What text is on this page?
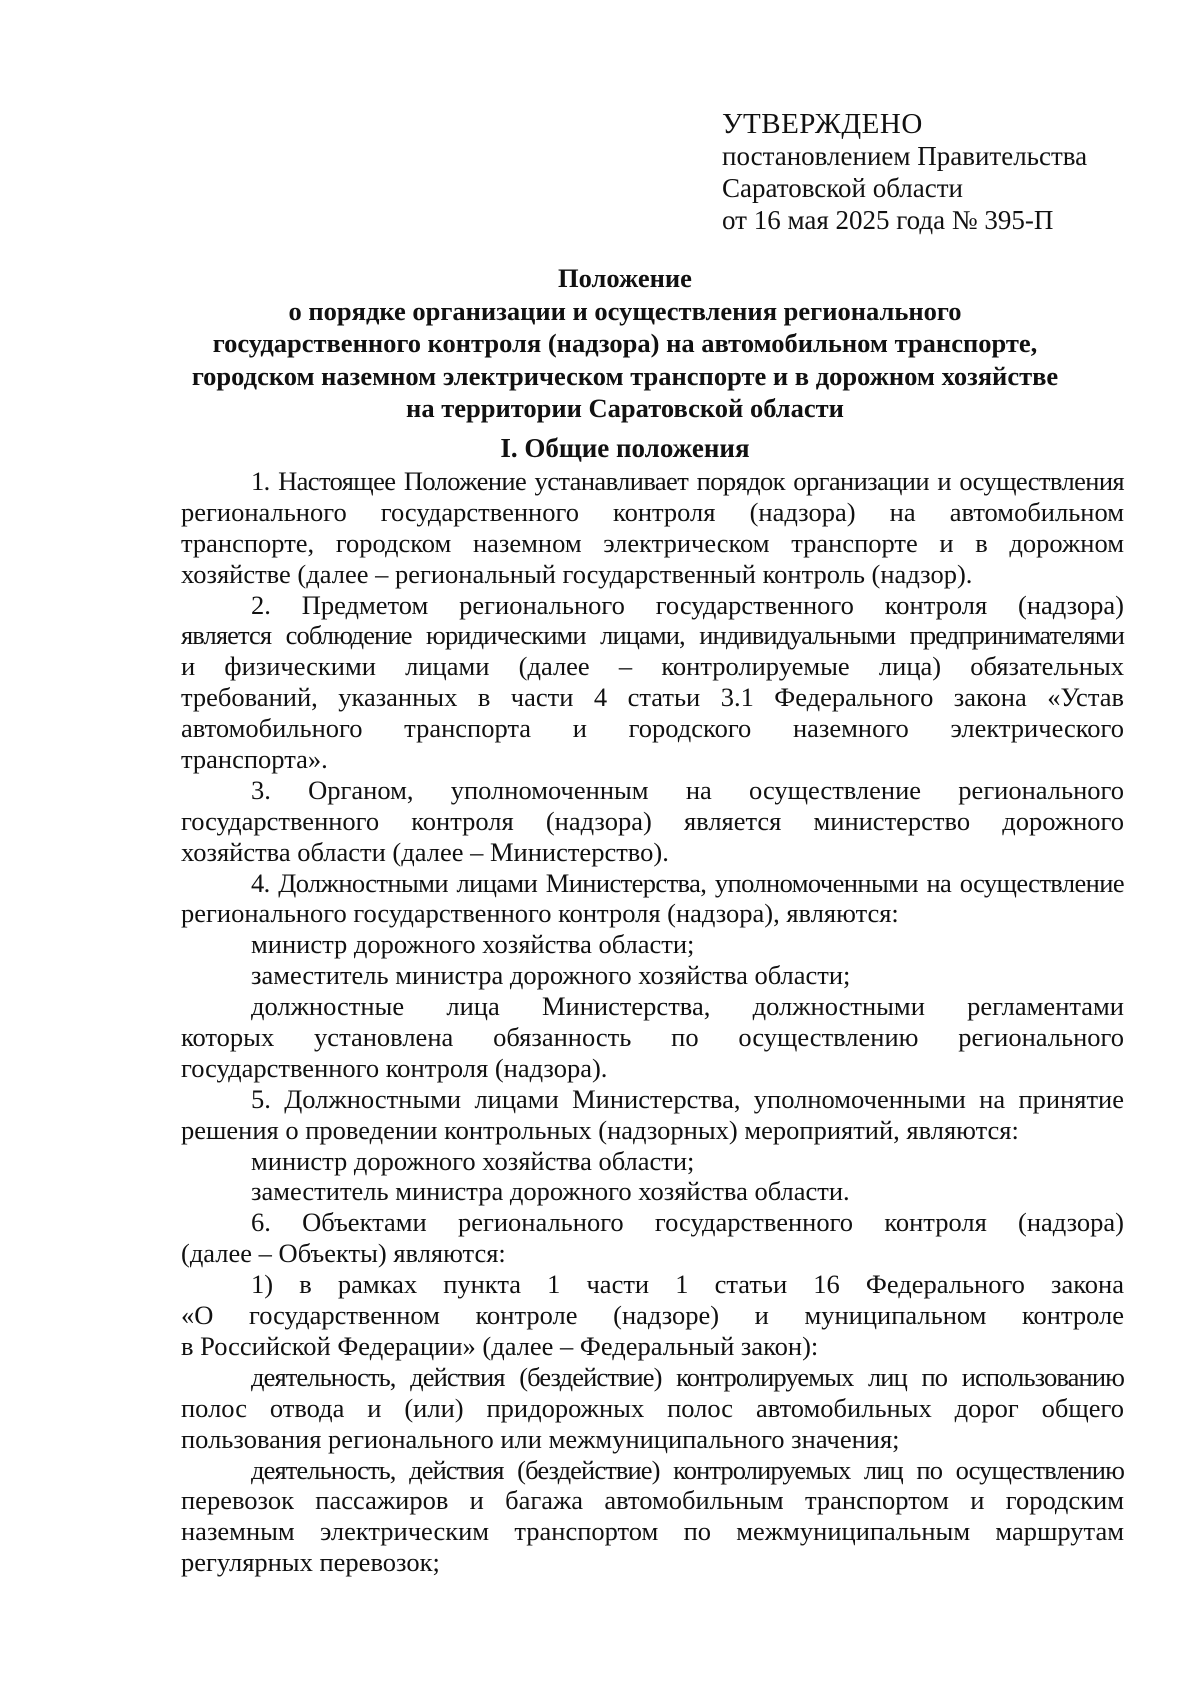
УТВЕРЖДЕНО
постановлением Правительства
Саратовской области
от 16 мая 2025 года № 395-П
Положение
о порядке организации и осуществления регионального
государственного контроля (надзора) на автомобильном транспорте,
городском наземном электрическом транспорте и в дорожном хозяйстве
на территории Саратовской области
I. Общие положения
1. Настоящее Положение устанавливает порядок организации и осуществления
регионального государственного контроля (надзора) на автомобильном
транспорте, городском наземном электрическом транспорте и в дорожном
хозяйстве (далее – региональный государственный контроль (надзор).
2. Предметом регионального государственного контроля (надзора)
является соблюдение юридическими лицами, индивидуальными предпринимателями
и физическими лицами (далее – контролируемые лица) обязательных
требований, указанных в части 4 статьи 3.1 Федерального закона «Устав
автомобильного транспорта и городского наземного электрического
транспорта».
3. Органом, уполномоченным на осуществление регионального
государственного контроля (надзора) является министерство дорожного
хозяйства области (далее – Министерство).
4. Должностными лицами Министерства, уполномоченными на осуществление
регионального государственного контроля (надзора), являются:
министр дорожного хозяйства области;
заместитель министра дорожного хозяйства области;
должностные лица Министерства, должностными регламентами
которых установлена обязанность по осуществлению регионального
государственного контроля (надзора).
5. Должностными лицами Министерства, уполномоченными на принятие
решения о проведении контрольных (надзорных) мероприятий, являются:
министр дорожного хозяйства области;
заместитель министра дорожного хозяйства области.
6. Объектами регионального государственного контроля (надзора)
(далее – Объекты) являются:
1) в рамках пункта 1 части 1 статьи 16 Федерального закона
«О государственном контроле (надзоре) и муниципальном контроле
в Российской Федерации» (далее – Федеральный закон):
деятельность, действия (бездействие) контролируемых лиц по использованию
полос отвода и (или) придорожных полос автомобильных дорог общего
пользования регионального или межмуниципального значения;
деятельность, действия (бездействие) контролируемых лиц по осуществлению
перевозок пассажиров и багажа автомобильным транспортом и городским
наземным электрическим транспортом по межмуниципальным маршрутам
регулярных перевозок;
